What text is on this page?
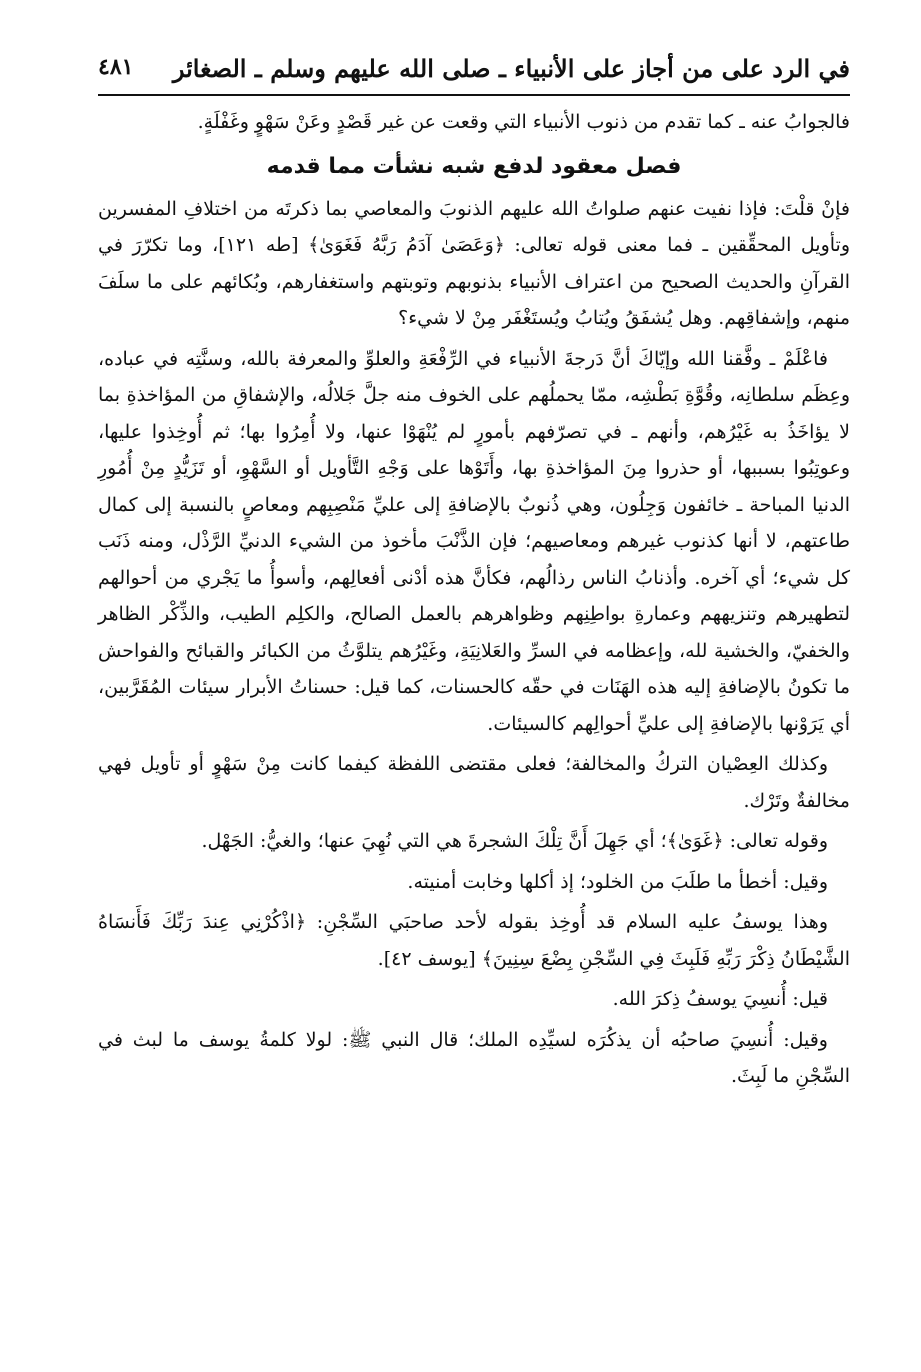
في الرد على من أجاز على الأنبياء ـ صلى الله عليهم وسلم ـ الصغائر
٤٨١

فالجوابُ عنه ـ كما تقدم من ذنوب الأنبياء التي وقعت عن غير قَصْدٍ وعَنْ سَهْوٍ وغَفْلَةٍ.

فصل معقود لدفع شبه نشأت مما قدمه

فإنْ قلْتَ: فإذا نفيت عنهم صلواتُ الله عليهم الذنوبَ والمعاصي بما ذكرتَه من اختلافِ المفسرين وتأويل المحقِّقين ـ فما معنى قوله تعالى: ﴿وَعَصَىٰ آدَمُ رَبَّهُ فَغَوَىٰ﴾ [طه ١٢١]، وما تكرّرَ في القرآنِ والحديث الصحيح من اعتراف الأنبياء بذنوبهم وتوبتهم واستغفارهم، وبُكائهم على ما سلَفَ منهم، وإشفاقِهم. وهل يُشفَقُ ويُتابُ ويُستَغْفَر مِنْ لا شيء؟

فاعْلَمْ ـ وفَّقنا الله وإيّاكَ أنَّ دَرجةَ الأنبياء في الرِّفْعَةِ والعلوِّ والمعرفة بالله، وسنَّتِه في عباده، وعِظَم سلطانِه، وقُوَّةِ بَطْشِه، ممّا يحملُهم على الخوف منه جلَّ جَلالُه، والإشفاقِ من المؤاخذةِ بما لا يؤاخَذُ به غَيْرُهم، وأنهم ـ في تصرّفهم بأمورٍ لم يُنْهَوْا عنها، ولا أُمِرُوا بها؛ ثم أُوخِذوا عليها، وعوتِبُوا بسببها، أو حذروا مِنَ المؤاخذةِ بها، وأَتَوْها على وَجْهِ التَّأويل أو السَّهْوِ، أو تَزَيُّدٍ مِنْ أُمُورِ الدنيا المباحة ـ خائفون وَجِلُون، وهي ذُنوبٌ بالإضافةِ إلى عليِّ مَنْصِبِهم ومعاصٍ بالنسبة إلى كمال طاعتهم، لا أنها كذنوب غيرهم ومعاصيهم؛ فإن الذَّنْبَ مأخوذ من الشيء الدنيِّ الرَّذْل، ومنه ذَنَب كل شيء؛ أي آخره. وأذنابُ الناس رذالُهم، فكأنَّ هذه أدْنى أفعالِهم، وأسوأُ ما يَجْري من أحوالهم لتطهيرهم وتنزيههم وعمارةِ بواطِنِهم وظواهرهم بالعمل الصالح، والكلِم الطيب، والذِّكْر الظاهر والخفيّ، والخشية لله، وإعظامه في السرِّ والعَلانِيَةِ، وغَيْرُهم يتلوَّثُ من الكبائر والقبائح والفواحش ما تكونُ بالإضافةِ إليه هذه الهَنَات في حقّه كالحسنات، كما قيل: حسناتُ الأبرار سيئات المُقَرَّبين، أي يَرَوْنها بالإضافةِ إلى عليِّ أحوالِهم كالسيئات.

وكذلك العِصْيان التركُ والمخالفة؛ فعلى مقتضى اللفظة كيفما كانت مِنْ سَهْوٍ أو تأويل فهي مخالفةٌ وتَرْك.

وقوله تعالى: ﴿غَوَىٰ﴾؛ أي جَهِلَ أَنَّ تِلْكَ الشجرةَ هي التي نُهِيَ عنها؛ والغيُّ: الجَهْل.

وقيل: أخطأ ما طلَبَ من الخلود؛ إذ أكلها وخابت أمنيته.

وهذا يوسفُ عليه السلام قد أُوخِذ بقوله لأحد صاحبَي السِّجْنِ: ﴿اذْكُرْنِي عِندَ رَبِّكَ فَأَنسَاهُ الشَّيْطَانُ ذِكْرَ رَبِّهِ فَلَبِثَ فِي السِّجْنِ بِضْعَ سِنِينَ﴾ [يوسف ٤٢].

قيل: أُنسِيَ يوسفُ ذِكرَ الله.

وقيل: أُنسِيَ صاحبُه أن يذكُرَه لسيِّدِه الملك؛ قال النبي ﷺ: لولا كلمةُ يوسف ما لبث في السِّجْنِ ما لَبِثَ.
